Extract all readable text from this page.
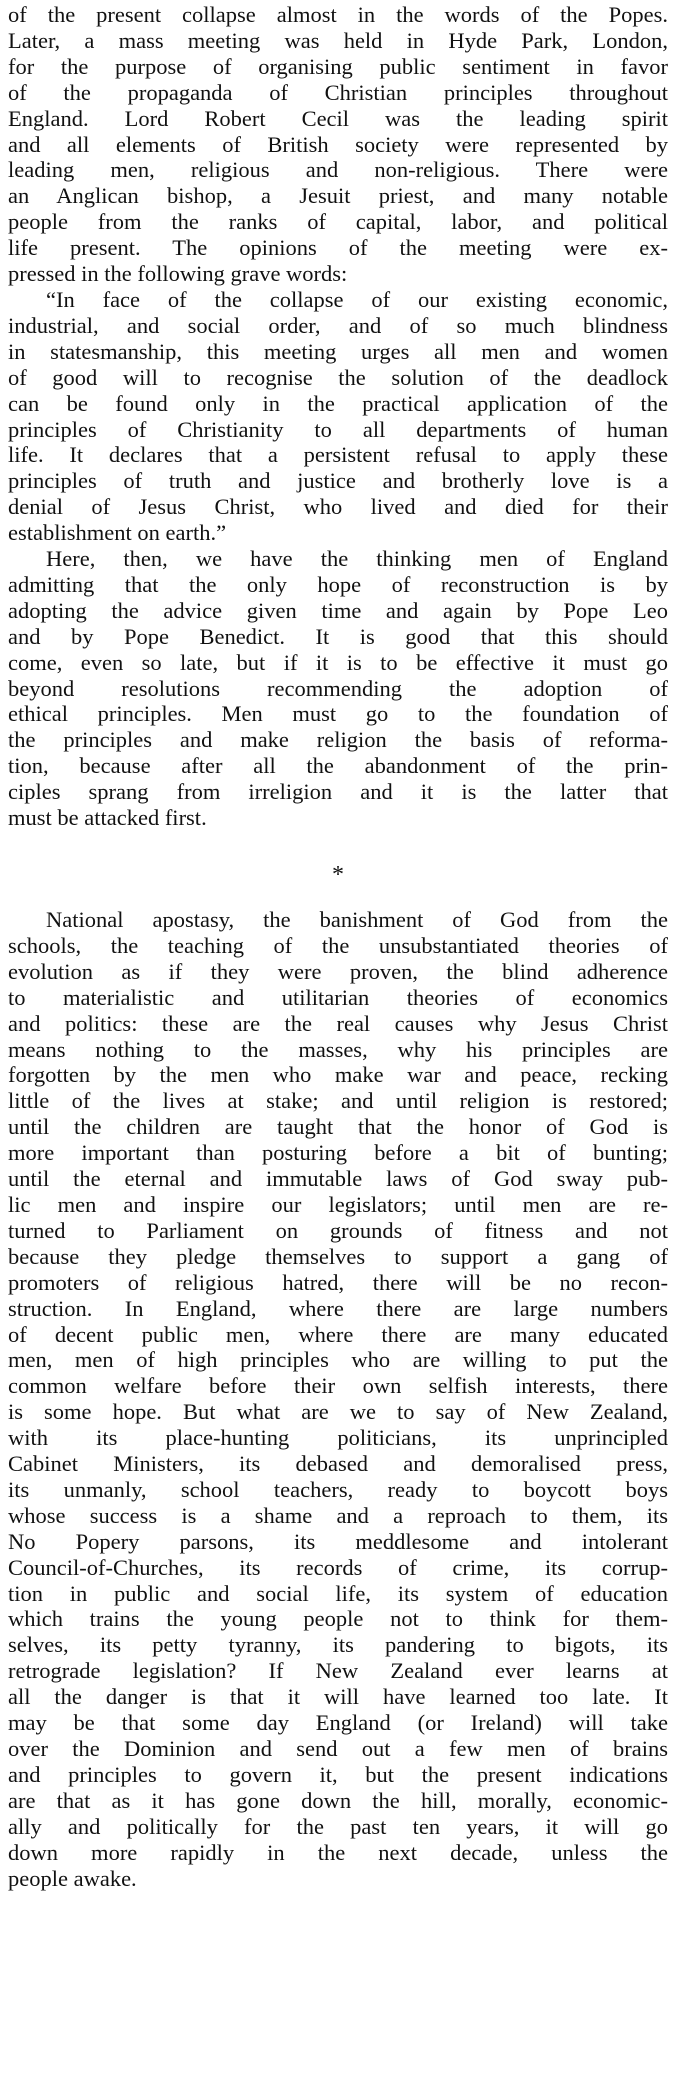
of the present collapse almost in the words of the Popes.
Later, a mass meeting was held in Hyde Park, London,
for the purpose of organising public sentiment in favor
of the propaganda of Christian principles throughout
England. Lord Robert Cecil was the leading spirit
and all elements of British society were represented by
leading men, religious and non-religious. There were
an Anglican bishop, a Jesuit priest, and many notable
people from the ranks of capital, labor, and political
life present. The opinions of the meeting were ex-
pressed in the following grave words:
“In face of the collapse of our existing economic,
industrial, and social order, and of so much blindness
in statesmanship, this meeting urges all men and women
of good will to recognise the solution of the deadlock
can be found only in the practical application of the
principles of Christianity to all departments of human
life. It declares that a persistent refusal to apply these
principles of truth and justice and brotherly love is a
denial of Jesus Christ, who lived and died for their
establishment on earth.”
Here, then, we have the thinking men of England
admitting that the only hope of reconstruction is by
adopting the advice given time and again by Pope Leo
and by Pope Benedict. It is good that this should
come, even so late, but if it is to be effective it must go
beyond resolutions recommending the adoption of
ethical principles. Men must go to the foundation of
the principles and make religion the basis of reforma-
tion, because after all the abandonment of the prin-
ciples sprang from irreligion and it is the latter that
must be attacked first.
*
National apostasy, the banishment of God from the
schools, the teaching of the unsubstantiated theories of
evolution as if they were proven, the blind adherence
to materialistic and utilitarian theories of economics
and politics: these are the real causes why Jesus Christ
means nothing to the masses, why his principles are
forgotten by the men who make war and peace, recking
little of the lives at stake; and until religion is restored;
until the children are taught that the honor of God is
more important than posturing before a bit of bunting;
until the eternal and immutable laws of God sway pub-
lic men and inspire our legislators; until men are re-
turned to Parliament on grounds of fitness and not
because they pledge themselves to support a gang of
promoters of religious hatred, there will be no recon-
struction. In England, where there are large numbers
of decent public men, where there are many educated
men, men of high principles who are willing to put the
common welfare before their own selfish interests, there
is some hope. But what are we to say of New Zealand,
with its place-hunting politicians, its unprincipled
Cabinet Ministers, its debased and demoralised press,
its unmanly, school teachers, ready to boycott boys
whose success is a shame and a reproach to them, its
No Popery parsons, its meddlesome and intolerant
Council-of-Churches, its records of crime, its corrup-
tion in public and social life, its system of education
which trains the young people not to think for them-
selves, its petty tyranny, its pandering to bigots, its
retrograde legislation? If New Zealand ever learns at
all the danger is that it will have learned too late. It
may be that some day England (or Ireland) will take
over the Dominion and send out a few men of brains
and principles to govern it, but the present indications
are that as it has gone down the hill, morally, economic-
ally and politically for the past ten years, it will go
down more rapidly in the next decade, unless the
people awake.
